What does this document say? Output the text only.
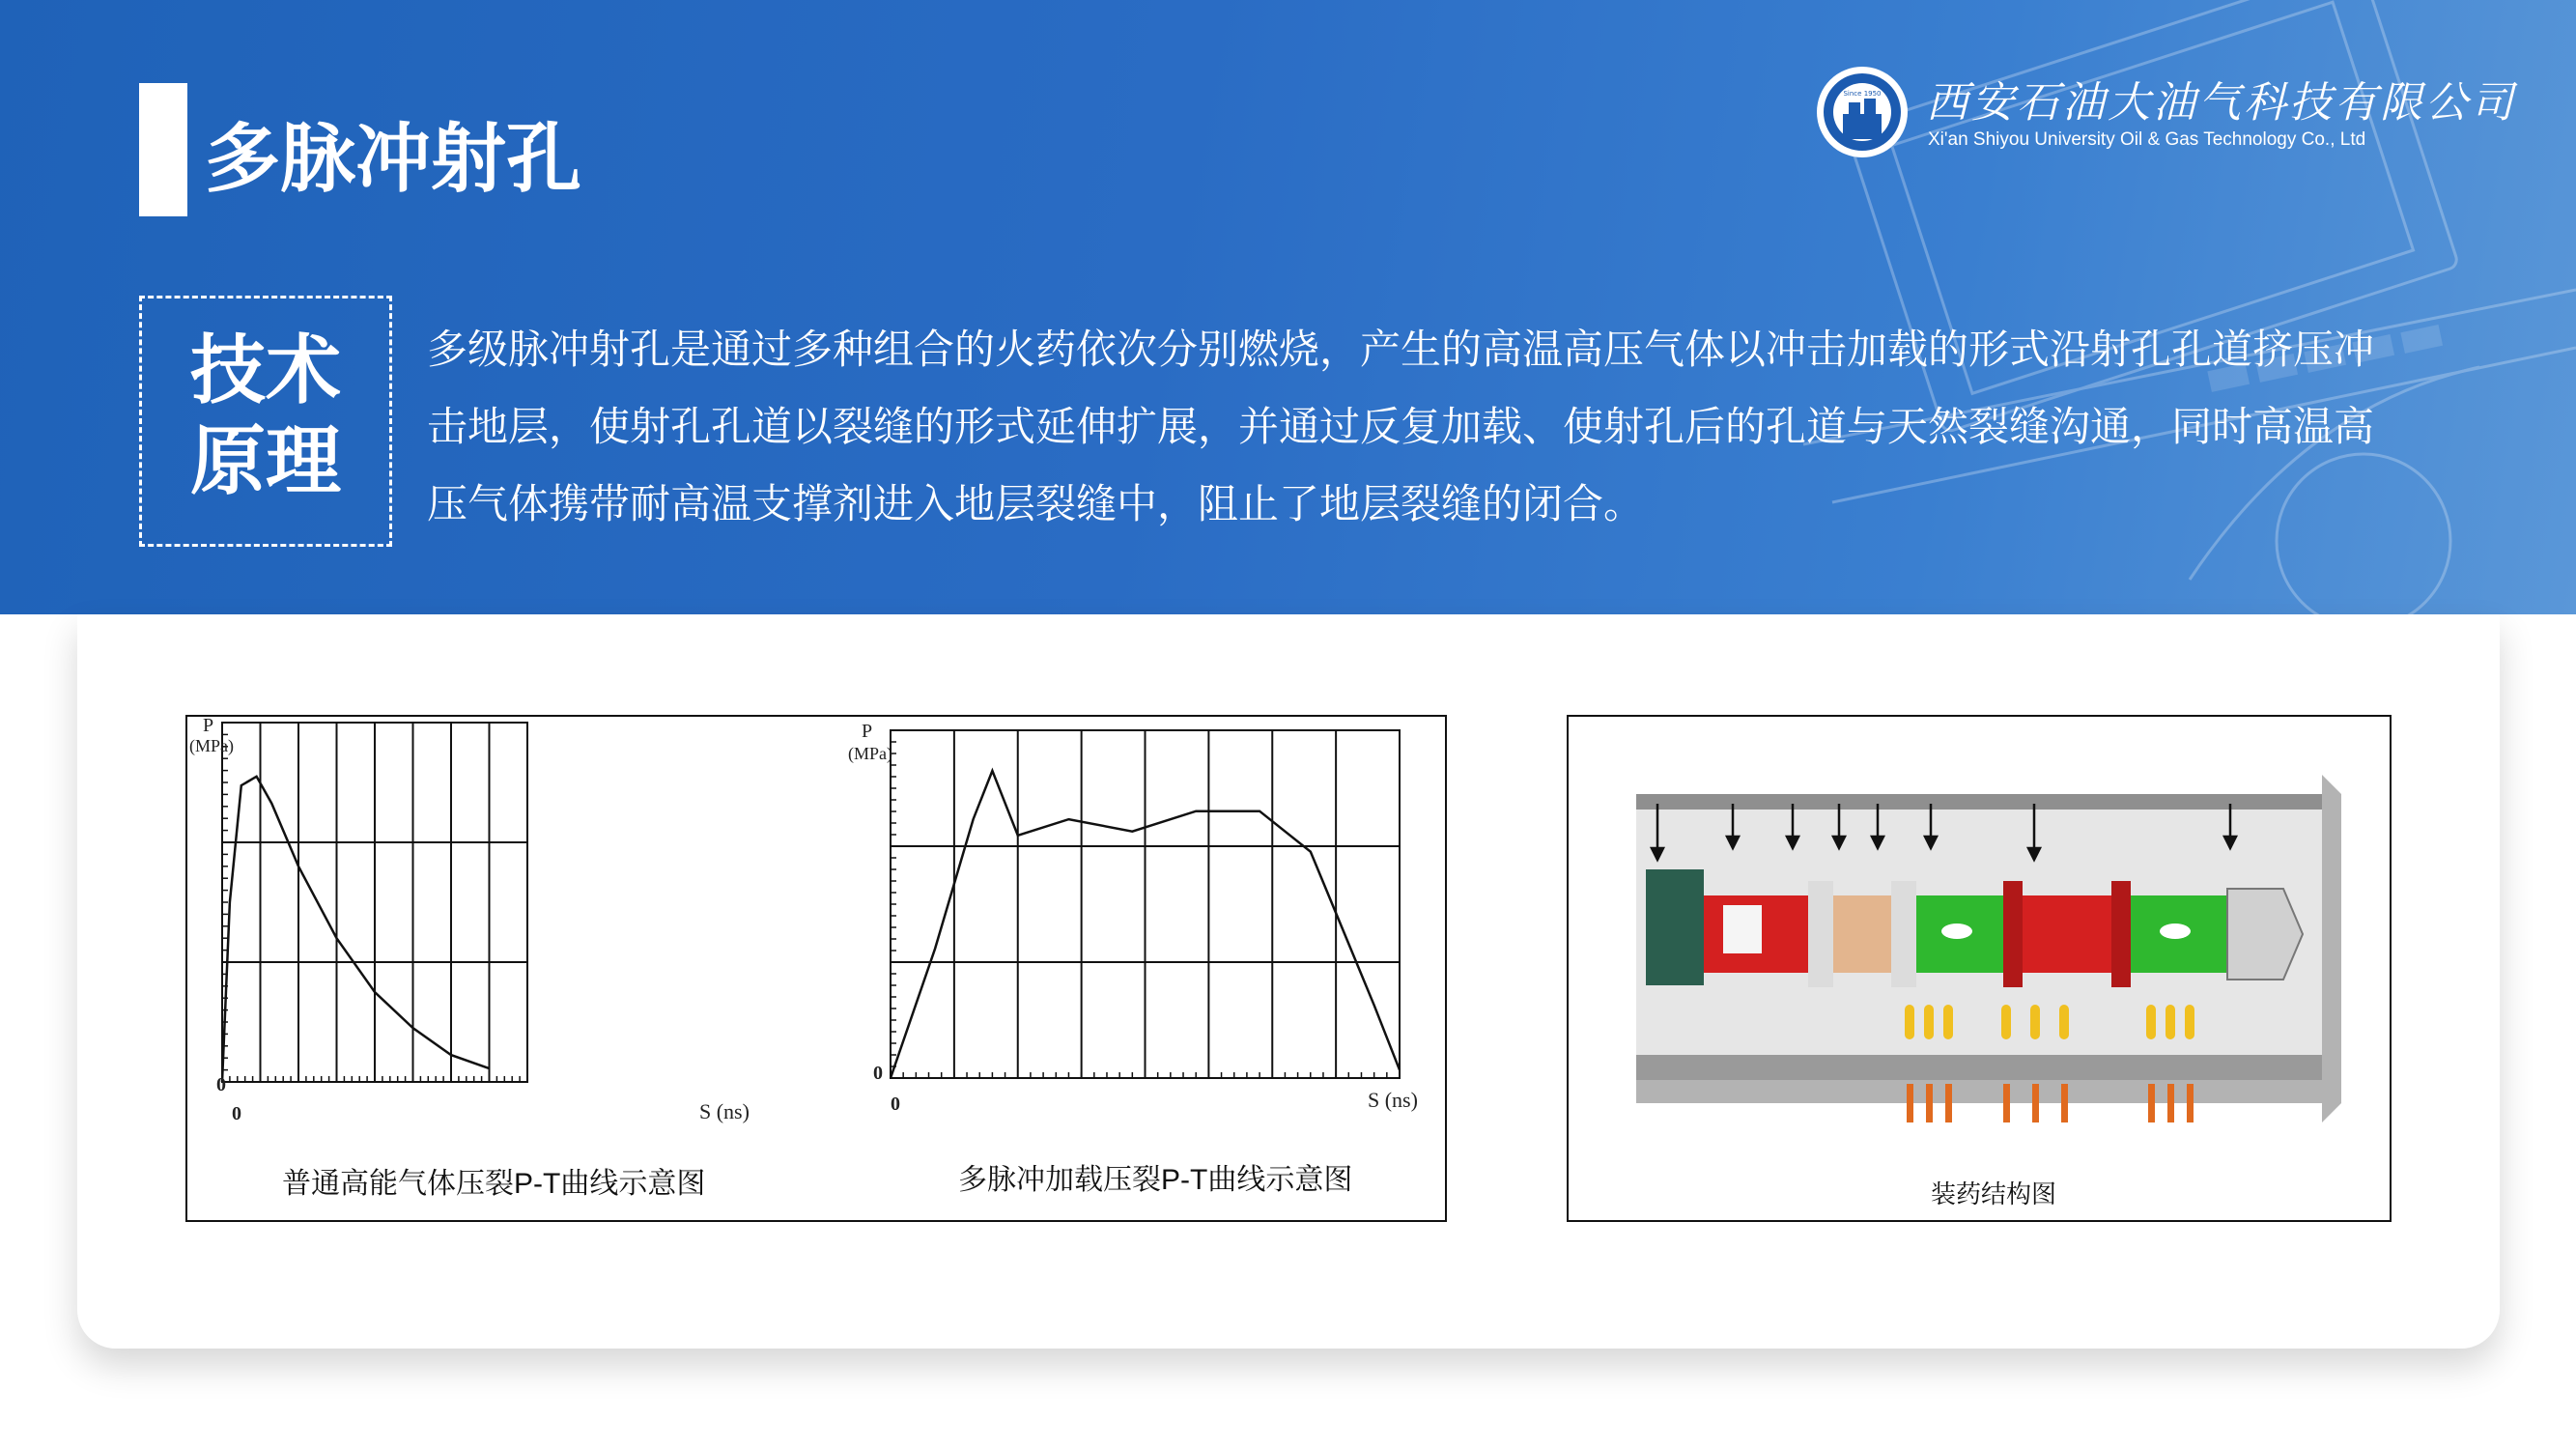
多脉冲射孔
Since 1950 西安石油大油气科技有限公司
Xi'an Shiyou University Oil & Gas Technology Co., Ltd
技术
原理
多级脉冲射孔是通过多种组合的火药依次分别燃烧，产生的高温高压气体以冲击加载的形式沿射孔孔道挤压冲击地层，使射孔孔道以裂缝的形式延伸扩展，并通过反复加载、使射孔后的孔道与天然裂缝沟通，同时高温高压气体携带耐高温支撑剂进入地层裂缝中，阻止了地层裂缝的闭合。
P
(MPa)
0
0	S (ns)
普通高能气体压裂P-T曲线示意图
P
(MPa)
0
0	S (ns)
多脉冲加载压裂P-T曲线示意图	装药结构图
